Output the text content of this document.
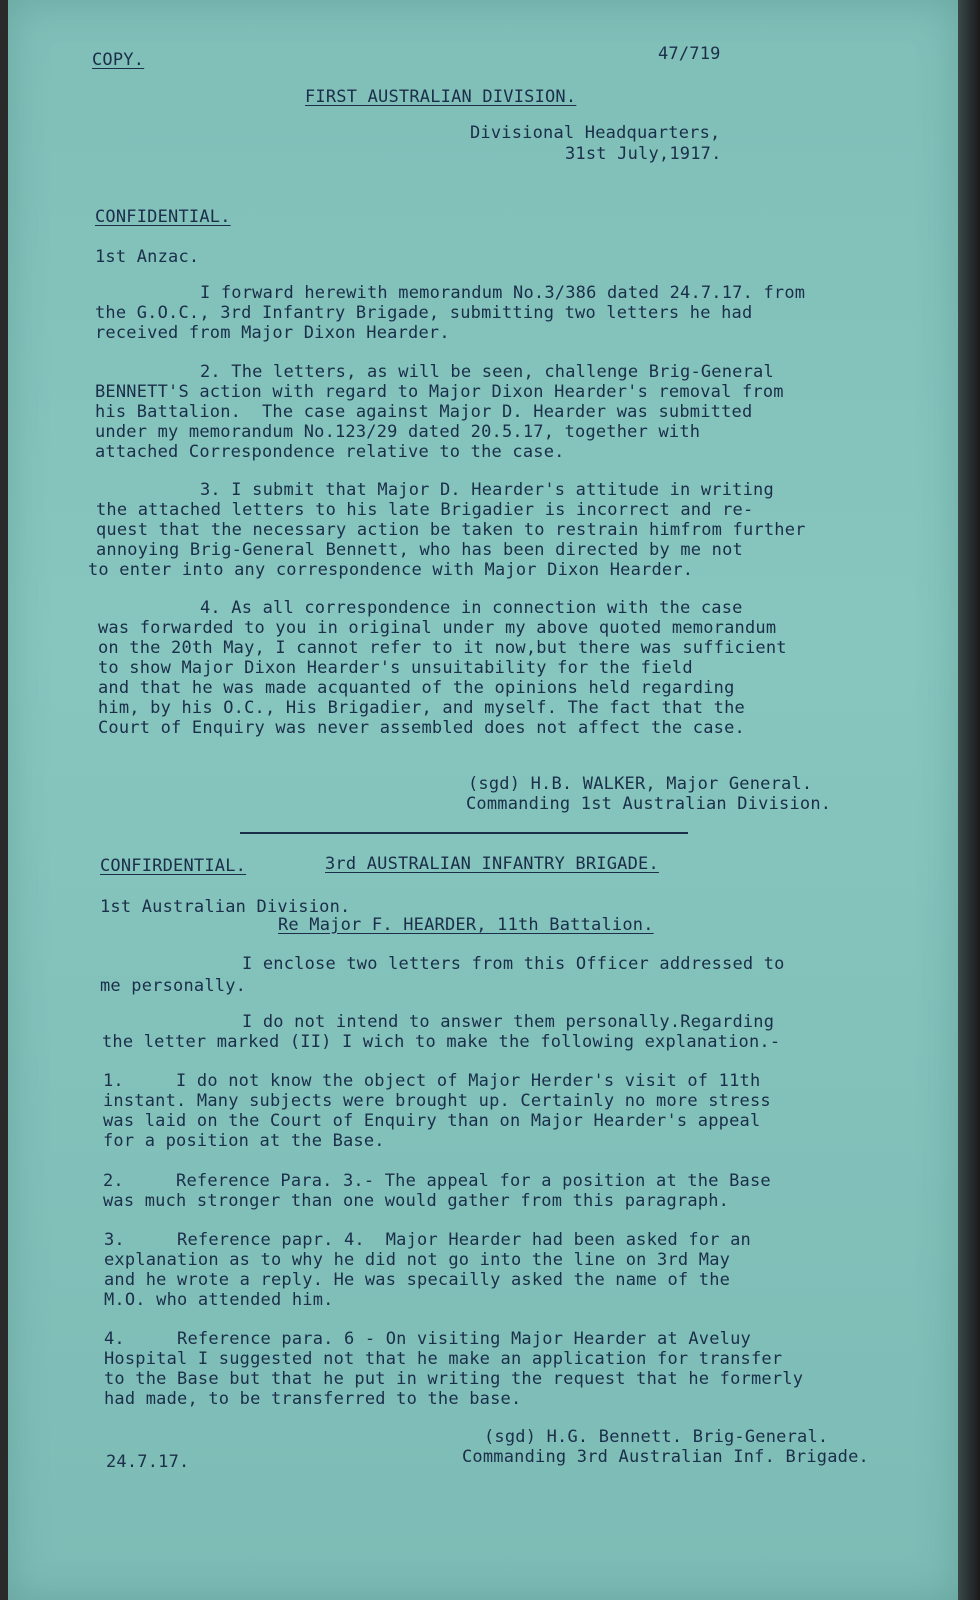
COPY.	47/719
FIRST AUSTRALIAN DIVISION.
Divisional Headquarters,
31st July,1917.
CONFIDENTIAL.
1st Anzac.
I forward herewith memorandum No.3/386 dated 24.7.17. from
the G.O.C., 3rd Infantry Brigade, submitting two letters he had
received from Major Dixon Hearder.
2. The letters, as will be seen, challenge Brig-General
BENNETT'S action with regard to Major Dixon Hearder's removal from
his Battalion.  The case against Major D. Hearder was submitted
under my memorandum No.123/29 dated 20.5.17, together with
attached Correspondence relative to the case.
3. I submit that Major D. Hearder's attitude in writing
the attached letters to his late Brigadier is incorrect and re-
quest that the necessary action be taken to restrain himfrom further
annoying Brig-General Bennett, who has been directed by me not
to enter into any correspondence with Major Dixon Hearder.
4. As all correspondence in connection with the case
was forwarded to you in original under my above quoted memorandum
on the 20th May, I cannot refer to it now,but there was sufficient
to show Major Dixon Hearder's unsuitability for the field
and that he was made acquanted of the opinions held regarding
him, by his O.C., His Brigadier, and myself. The fact that the
Court of Enquiry was never assembled does not affect the case.
(sgd) H.B. WALKER, Major General.
Commanding 1st Australian Division.
CONFIRDENTIAL.	3rd AUSTRALIAN INFANTRY BRIGADE.
1st Australian Division.
Re Major F. HEARDER, 11th Battalion.
I enclose two letters from this Officer addressed to
me personally.
I do not intend to answer them personally.Regarding
the letter marked (II) I wich to make the following explanation.-
1.     I do not know the object of Major Herder's visit of 11th
instant. Many subjects were brought up. Certainly no more stress
was laid on the Court of Enquiry than on Major Hearder's appeal
for a position at the Base.
2.     Reference Para. 3.- The appeal for a position at the Base
was much stronger than one would gather from this paragraph.
3.     Reference papr. 4.  Major Hearder had been asked for an
explanation as to why he did not go into the line on 3rd May
and he wrote a reply. He was specailly asked the name of the
M.O. who attended him.
4.     Reference para. 6 - On visiting Major Hearder at Aveluy
Hospital I suggested not that he make an application for transfer
to the Base but that he put in writing the request that he formerly
had made, to be transferred to the base.
(sgd) H.G. Bennett. Brig-General.
Commanding 3rd Australian Inf. Brigade.
24.7.17.
